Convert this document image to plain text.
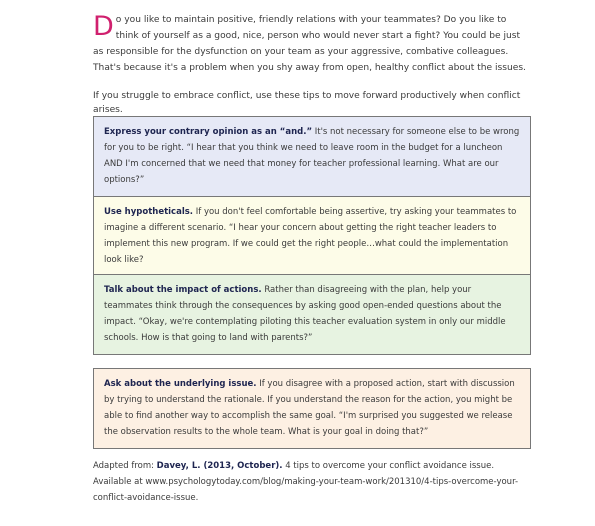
Do you like to maintain positive, friendly relations with your teammates? Do you like to think of yourself as a good, nice, person who would never start a fight? You could be just as responsible for the dysfunction on your team as your aggressive, combative colleagues. That's because it's a problem when you shy away from open, healthy conflict about the issues.

If you struggle to embrace conflict, use these tips to move forward productively when conflict arises.

Express your contrary opinion as an “and.” It's not necessary for someone else to be wrong for you to be right. “I hear that you think we need to leave room in the budget for a luncheon AND I'm concerned that we need that money for teacher professional learning. What are our options?”
Use hypotheticals. If you don't feel comfortable being assertive, try asking your teammates to imagine a different scenario. “I hear your concern about getting the right teacher leaders to implement this new program. If we could get the right people…what could the implementation look like?
Talk about the impact of actions. Rather than disagreeing with the plan, help your teammates think through the consequences by asking good open-ended questions about the impact. “Okay, we're contemplating piloting this teacher evaluation system in only our middle schools. How is that going to land with parents?”
Ask about the underlying issue. If you disagree with a proposed action, start with discussion by trying to understand the rationale. If you understand the reason for the action, you might be able to find another way to accomplish the same goal. “I'm surprised you suggested we release the observation results to the whole team. What is your goal in doing that?”

Adapted from: Davey, L. (2013, October). 4 tips to overcome your conflict avoidance issue. Available at www.psychologytoday.com/blog/making-your-team-work/201310/4-tips-overcome-your-conflict-avoidance-issue.
